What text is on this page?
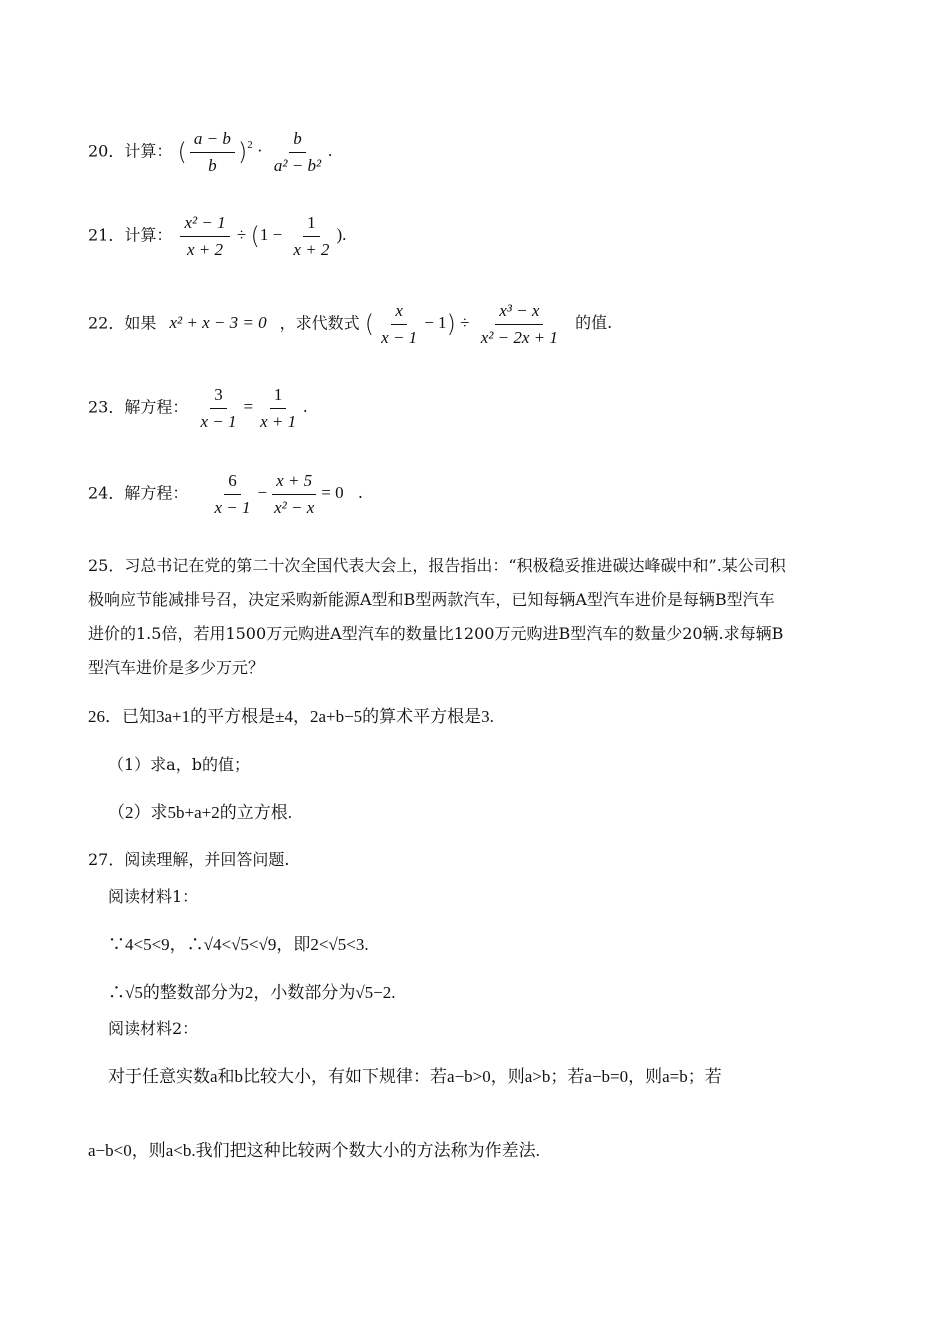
20．计算： ( $\frac{a - b}{b} )^2 \cdot \frac{b}{\text{a² − b²}}$ .
21．计算： $\frac{\text{x² − 1}}{x + 2} \div (1 - \frac{1}{x + 2}$ ).
22．如果 x² + x − 3 = 0 ，求代数式 ( $\frac{x}{x - 1} - 1) \div \frac{\text{x³ − x}}{\text{x² − 2x + 1}}$ 的值.
23．解方程： $\frac{3}{x - 1} = \frac{1}{x + 1}$ .
24．解方程： $\frac{6}{x - 1} - \frac{x + 5}{\text{x² − x}} = 0$ .
25．习总书记在党的第二十次全国代表大会上，报告指出：“积极稳妥推进碳达峰碳中和”.某公司积
极响应节能减排号召，决定采购新能源A型和B型两款汽车，已知每辆A型汽车进价是每辆B型汽车
进价的1.5倍，若用1500万元购进A型汽车的数量比1200万元购进B型汽车的数量少20辆.求每辆B
型汽车进价是多少万元？
26．已知3a+1的平方根是±4，2a+b−5的算术平方根是3.
（1）求a，b的值；
（2）求5b+a+2的立方根.
27．阅读理解，并回答问题.
阅读材料1：
∵4<5<9，∴√4<√5<√9，即2<√5<3.
∴√5的整数部分为2，小数部分为√5−2.
阅读材料2：
对于任意实数a和b比较大小，有如下规律：若a−b>0，则a>b；若a−b=0，则a=b；若
a−b<0，则a<b.我们把这种比较两个数大小的方法称为作差法.
